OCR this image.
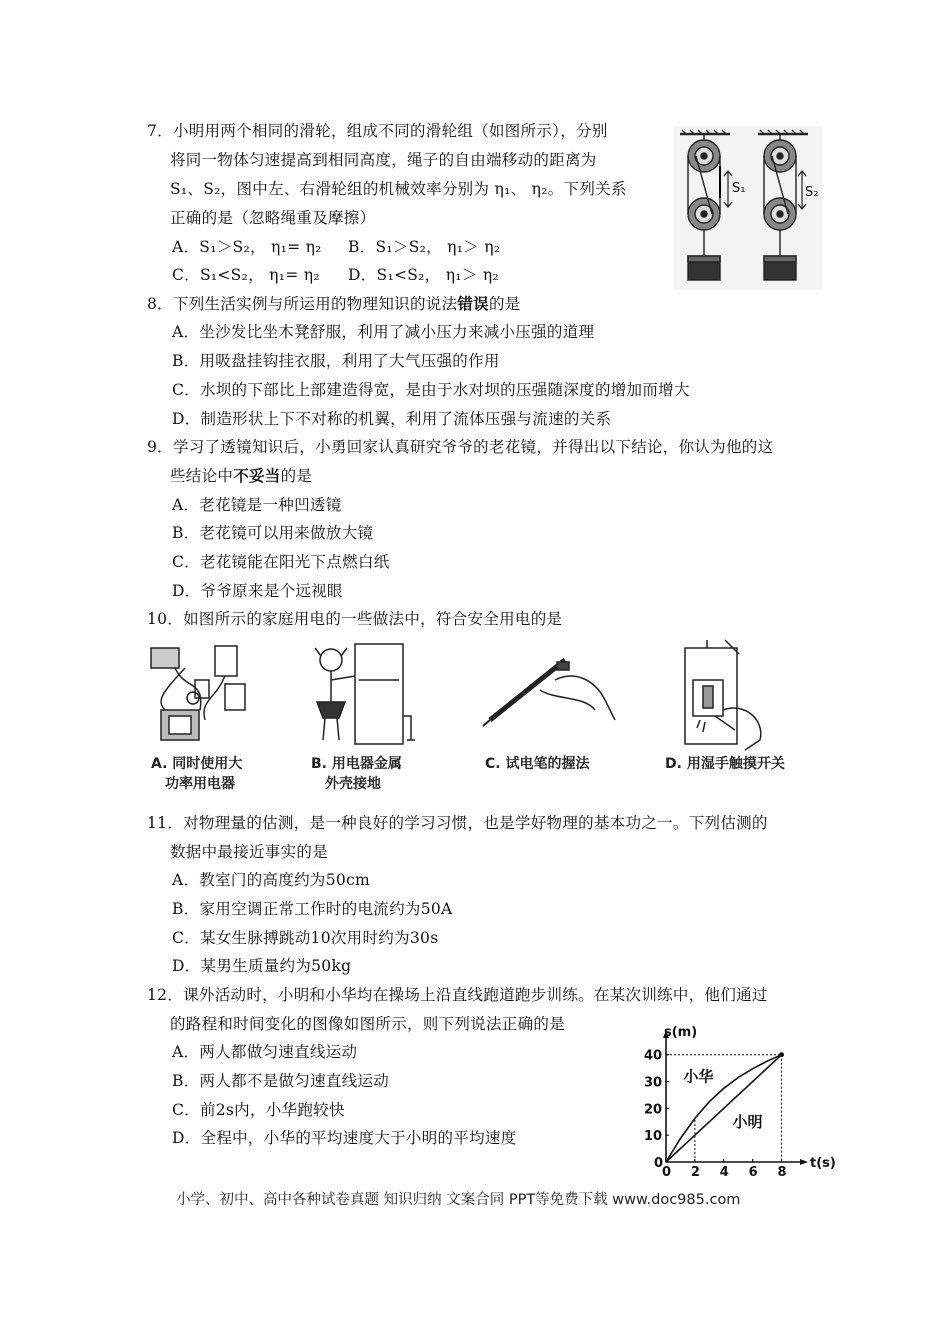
7．小明用两个相同的滑轮，组成不同的滑轮组（如图所示），分别
将同一物体匀速提高到相同高度，绳子的自由端移动的距离为
S₁、S₂，图中左、右滑轮组的机械效率分别为 η₁、 η₂。下列关系
正确的是（忽略绳重及摩擦）
A．S₁＞S₂， η₁= η₂ B．S₁＞S₂， η₁＞ η₂
C．S₁<S₂， η₁= η₂ D．S₁<S₂， η₁＞ η₂
S₁	S₂
8．下列生活实例与所运用的物理知识的说法错误的是
A．坐沙发比坐木凳舒服，利用了减小压力来减小压强的道理
B．用吸盘挂钩挂衣服，利用了大气压强的作用
C．水坝的下部比上部建造得宽，是由于水对坝的压强随深度的增加而增大
D．制造形状上下不对称的机翼，利用了流体压强与流速的关系
9．学习了透镜知识后，小勇回家认真研究爷爷的老花镜，并得出以下结论，你认为他的这
些结论中不妥当的是
A．老花镜是一种凹透镜
B．老花镜可以用来做放大镜
C．老花镜能在阳光下点燃白纸
D．爷爷原来是个远视眼
10．如图所示的家庭用电的一些做法中，符合安全用电的是
A. 同时使用大
功率用电器
B. 用电器金属
外壳接地
C. 试电笔的握法	D. 用湿手触摸开关
11．对物理量的估测，是一种良好的学习习惯，也是学好物理的基本功之一。下列估测的
数据中最接近事实的是
A．教室门的高度约为50cm
B．家用空调正常工作时的电流约为50A
C．某女生脉搏跳动10次用时约为30s
D．某男生质量约为50kg
12．课外活动时，小明和小华均在操场上沿直线跑道跑步训练。在某次训练中，他们通过
的路程和时间变化的图像如图所示，则下列说法正确的是
A．两人都做匀速直线运动
B．两人都不是做匀速直线运动
C．前2s内，小华跑较快
D．全程中，小华的平均速度大于小明的平均速度
0 2 4 6 8
0
10
20
30
40
s(m)
t(s)
小华
小明
小学、初中、高中各种试卷真题 知识归纳 文案合同 PPT等免费下载 www.doc985.com
